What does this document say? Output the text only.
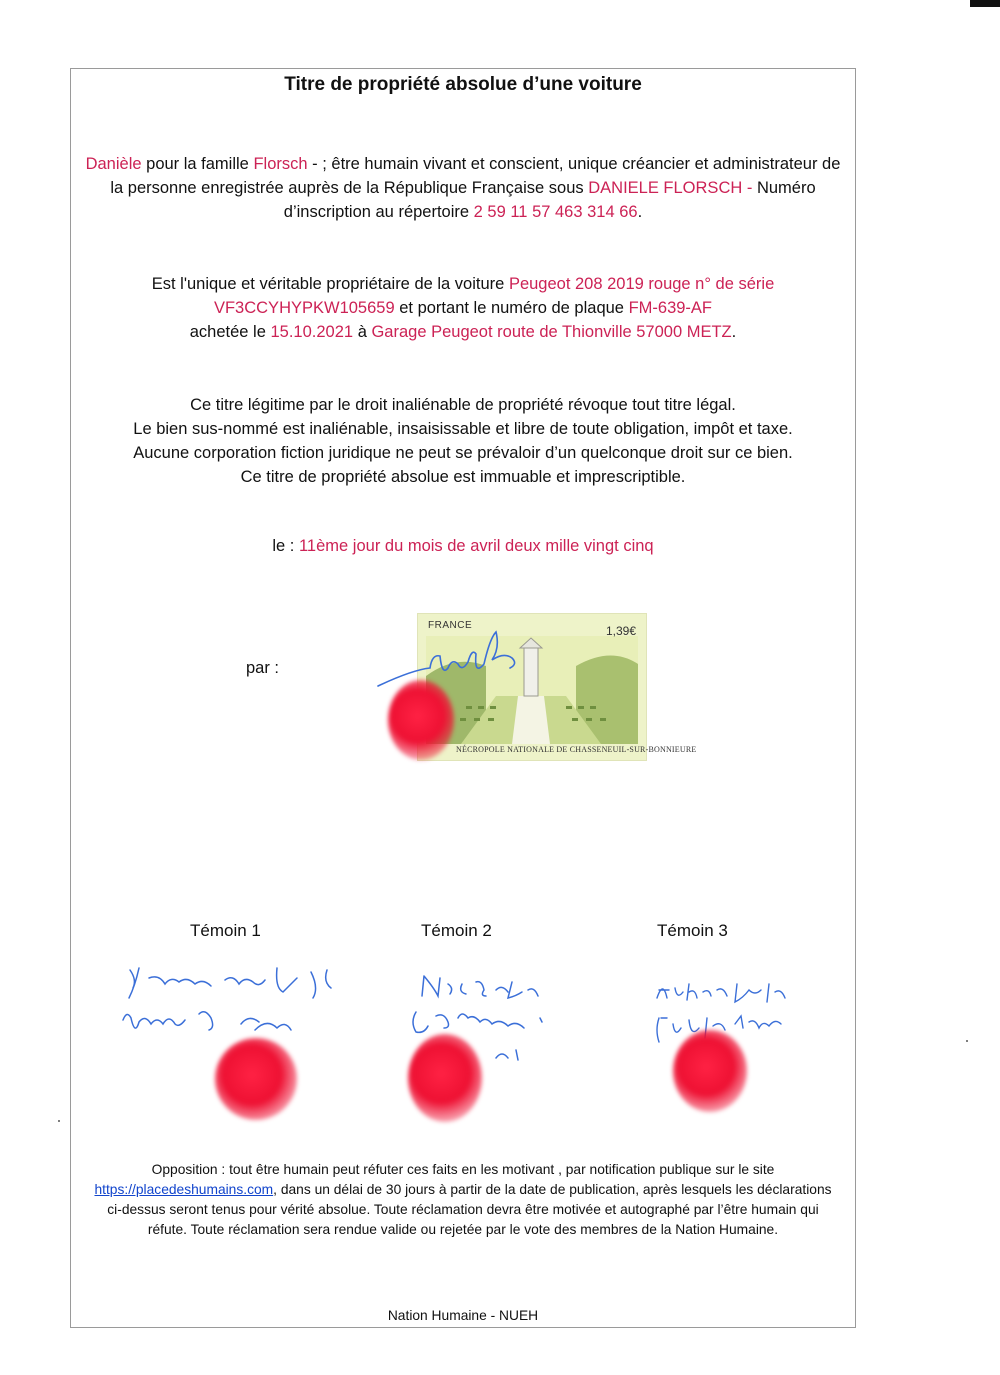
Titre de propriété absolue d’une voiture
Danièle pour la famille Florsch - ; être humain vivant et conscient, unique créancier et administrateur de la personne enregistrée auprès de la République Française sous DANIELE FLORSCH - Numéro d’inscription au répertoire 2 59 11 57 463 314 66.
Est l'unique et véritable propriétaire de la voiture Peugeot 208 2019 rouge n° de série VF3CCYHYPKW105659 et portant le numéro de plaque FM-639-AF
achetée le 15.10.2021 à Garage Peugeot route de Thionville 57000 METZ.
Ce titre légitime par le droit inaliénable de propriété révoque tout titre légal.
Le bien sus-nommé est inaliénable, insaisissable et libre de toute obligation, impôt et taxe.
Aucune corporation fiction juridique ne peut se prévaloir d’un quelconque droit sur ce bien.
Ce titre de propriété absolue est immuable et imprescriptible.
le : 11ème jour du mois de avril deux mille vingt cinq
par :
FRANCE	1,39€
NÉCROPOLE NATIONALE DE CHASSENEUIL-SUR-BONNIEURE
Témoin 1	Témoin 2	Témoin 3
Opposition : tout être humain peut réfuter ces faits en les motivant , par notification publique sur le site
https://placedeshumains.com, dans un délai de 30 jours à partir de la date de publication, après lesquels les déclarations ci-dessus seront tenus pour vérité absolue. Toute réclamation devra être motivée et autographé par l’être humain qui réfute. Toute réclamation sera rendue valide ou rejetée par le vote des membres de la Nation Humaine.
Nation Humaine - NUEH
